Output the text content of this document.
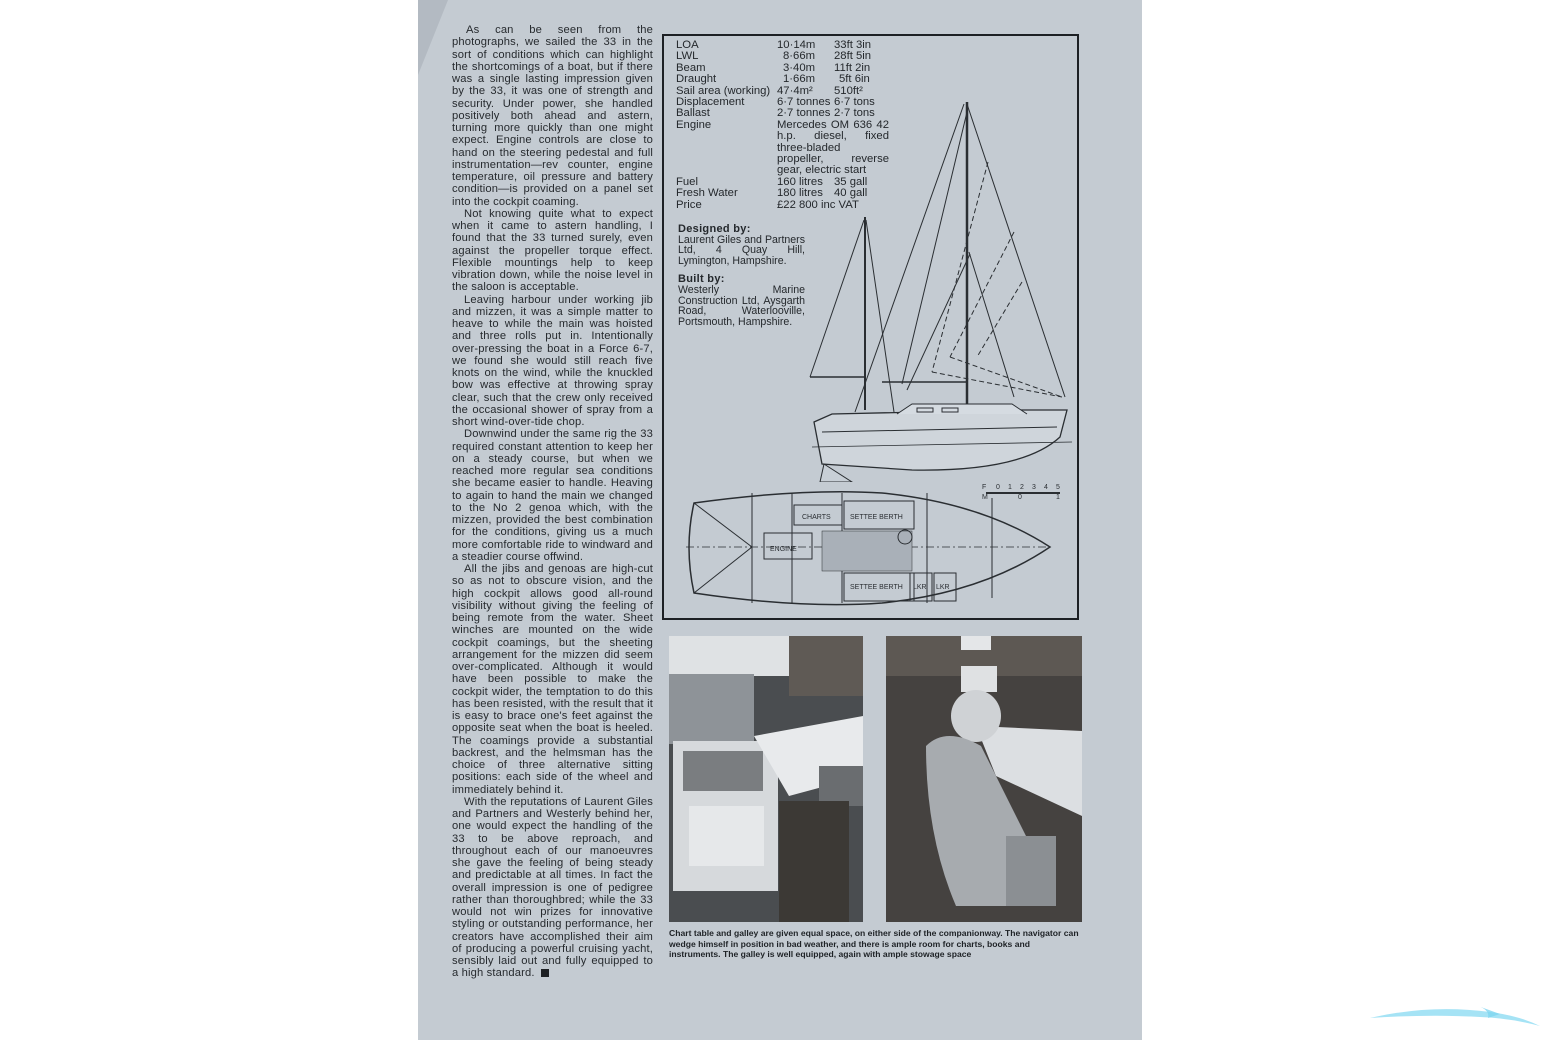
As can be seen from the photographs, we sailed the 33 in the sort of conditions which can highlight the shortcomings of a boat, but if there was a single lasting impression given by the 33, it was one of strength and security. Under power, she handled positively both ahead and astern, turning more quickly than one might expect. Engine controls are close to hand on the steering pedestal and full instrumentation—rev counter, engine temperature, oil pressure and battery condition—is provided on a panel set into the cockpit coaming.

Not knowing quite what to expect when it came to astern handling, I found that the 33 turned surely, even against the propeller torque effect. Flexible mountings help to keep vibration down, while the noise level in the saloon is acceptable.

Leaving harbour under working jib and mizzen, it was a simple matter to heave to while the main was hoisted and three rolls put in. Intentionally over-pressing the boat in a Force 6-7, we found she would still reach five knots on the wind, while the knuckled bow was effective at throwing spray clear, such that the crew only received the occasional shower of spray from a short wind-over-tide chop.

Downwind under the same rig the 33 required constant attention to keep her on a steady course, but when we reached more regular sea conditions she became easier to handle. Heaving to again to hand the main we changed to the No 2 genoa which, with the mizzen, provided the best combination for the conditions, giving us a much more comfortable ride to windward and a steadier course offwind.

All the jibs and genoas are high-cut so as not to obscure vision, and the high cockpit allows good all-round visibility without giving the feeling of being remote from the water. Sheet winches are mounted on the wide cockpit coamings, but the sheeting arrangement for the mizzen did seem over-complicated. Although it would have been possible to make the cockpit wider, the temptation to do this has been resisted, with the result that it is easy to brace one's feet against the opposite seat when the boat is heeled. The coamings provide a substantial backrest, and the helmsman has the choice of three alternative sitting positions: each side of the wheel and immediately behind it.

With the reputations of Laurent Giles and Partners and Westerly behind her, one would expect the handling of the 33 to be above reproach, and throughout each of our manoeuvres she gave the feeling of being steady and predictable at all times. In fact the overall impression is one of pedigree rather than thoroughbred; while the 33 would not win prizes for innovative styling or outstanding performance, her creators have accomplished their aim of producing a powerful cruising yacht, sensibly laid out and fully equipped to a high standard.

LOA	10·14m 33ft 3in
LWL	8·66m 28ft 5in
Beam	3·40m 11ft 2in
Draught	1·66m 5ft 6in
Sail area (working) 47·4m² 510ft²
Displacement	6·7 tonnes 6·7 tons
Ballast	2·7 tonnes 2·7 tons
Engine	Mercedes OM 636 42 h.p. diesel, fixed three-bladed propeller, reverse gear, electric start
Fuel	160 litres 35 gall
Fresh Water	180 litres 40 gall
Price	£22 800 inc VAT
Designed by:

Laurent Giles and Partners Ltd, 4 Quay Hill, Lymington, Hampshire.

Built by:

Westerly Marine Construction Ltd, Aysgarth Road, Waterlooville, Portsmouth, Hampshire.

CHARTS	SETTEE BERTH
ENGINE
SETTEE BERTH LKR LKR
F 0 1 2 3 4 5
M	0	1
Chart table and galley are given equal space, on either side of the companionway. The navigator can wedge himself in position in bad weather, and there is ample room for charts, books and instruments. The galley is well equipped, again with ample stowage space
